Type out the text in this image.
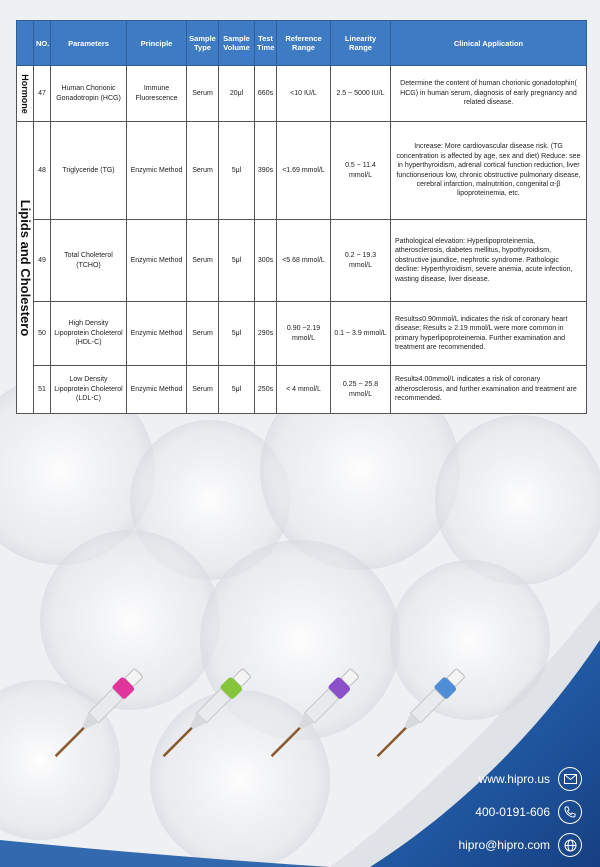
	NO.	Parameters	Principle	Sample Type	Sample Volume	Test Time	Reference Range	Linearity Range	Clinical Application

Hormone	47	Human Chorionic Gonadotropin (HCG)	Immune Fluorescence	Serum	20μl	660s	<10 IU/L	2.5 ~ 5000 IU/L	Determine the content of human chorionic gonadotophin( HCG) in human serum, diagnosis of early pregnancy and related disease.

Lipids and Cholestero	48	Triglyceride (TG)	Enzymic Method	Serum	5μl	390s	<1.69 mmol/L	0.5 ~ 11.4 mmol/L	Increase: More cardiovascular disease risk. (TG concentration is affected by age, sex and diet) Reduce: see in hyperthyroidism, adrenal cortical function reduction, liver functionserious low, chronic obstructive pulmonary disease, cerebral infarction, malnutrition, congenital α-β lipoproteinemia, etc.
	49	Total Choleterol (TCHO)	Enzymic Method	Serum	5μl	300s	<5.68 mmol/L	0.2 ~ 19.3 mmol/L	Pathological elevation: Hyperlipoproteinemia, atherosclerosis, diabetes mellitus, hypothyroidism, obstructive jaundice, nephrotic syndrome. Pathologic decline: Hyperthyroidism, severe anemia, acute infection, wasting disease, liver disease.
	50	High Density Lipoprotein Choleterol (HDL-C)	Enzymic Method	Serum	5μl	290s	0.90 ~2.19 mmol/L	0.1 ~ 3.9 mmol/L	Results≤0.90mmol/L indicates the risk of coronary heart disease; Results ≥ 2.19 mmol/L were more common in primary hyperlipoproteinemia. Further examination and treatment are recommended.
	51	Low Density Lipoprotein Choleterol (LDL-C)	Enzymic Method	Serum	5μl	250s	< 4 mmol/L	0.25 ~ 25.8 mmol/L	Result≥4.00mmol/L indicates a risk of coronary atherosclerosis, and further examination and treatment are recommended.
www.hipro.us
400-0191-606
hipro@hipro.com
